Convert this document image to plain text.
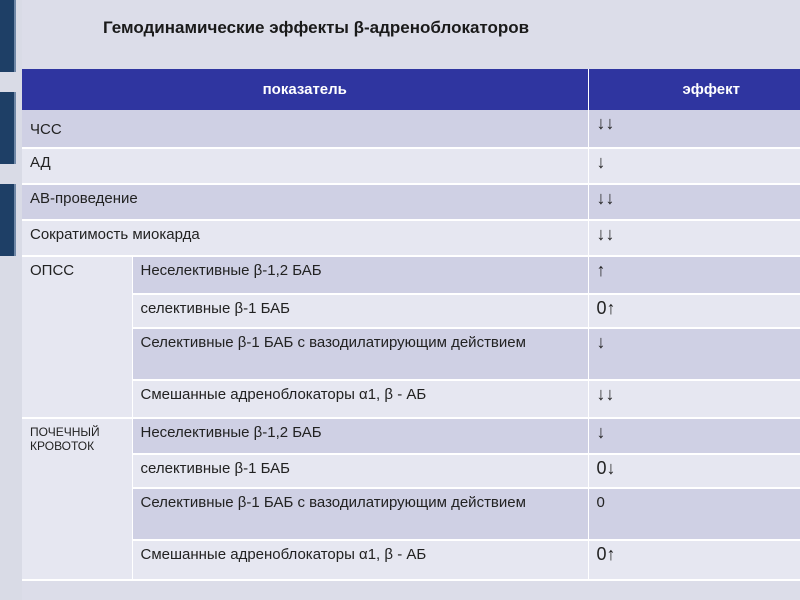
Гемодинамические эффекты β-адреноблокаторов
показатель		эффект
ЧСС		↓↓
АД		↓
АВ-проведение		↓↓
Сократимость миокарда		↓↓
ОПСС	Неселективные β-1,2 БАБ	↑
	селективные β-1 БАБ	0↑
	Селективные β-1 БАБ с вазодилатирующим действием	↓
	Смешанные адреноблокаторы α1, β - АБ	↓↓
ПОЧЕЧНЫЙ КРОВОТОК	Неселективные β-1,2 БАБ	↓
	селективные β-1 БАБ	0↓
	Селективные β-1 БАБ с вазодилатирующим действием	0
	Смешанные адреноблокаторы α1, β - АБ	0↑
